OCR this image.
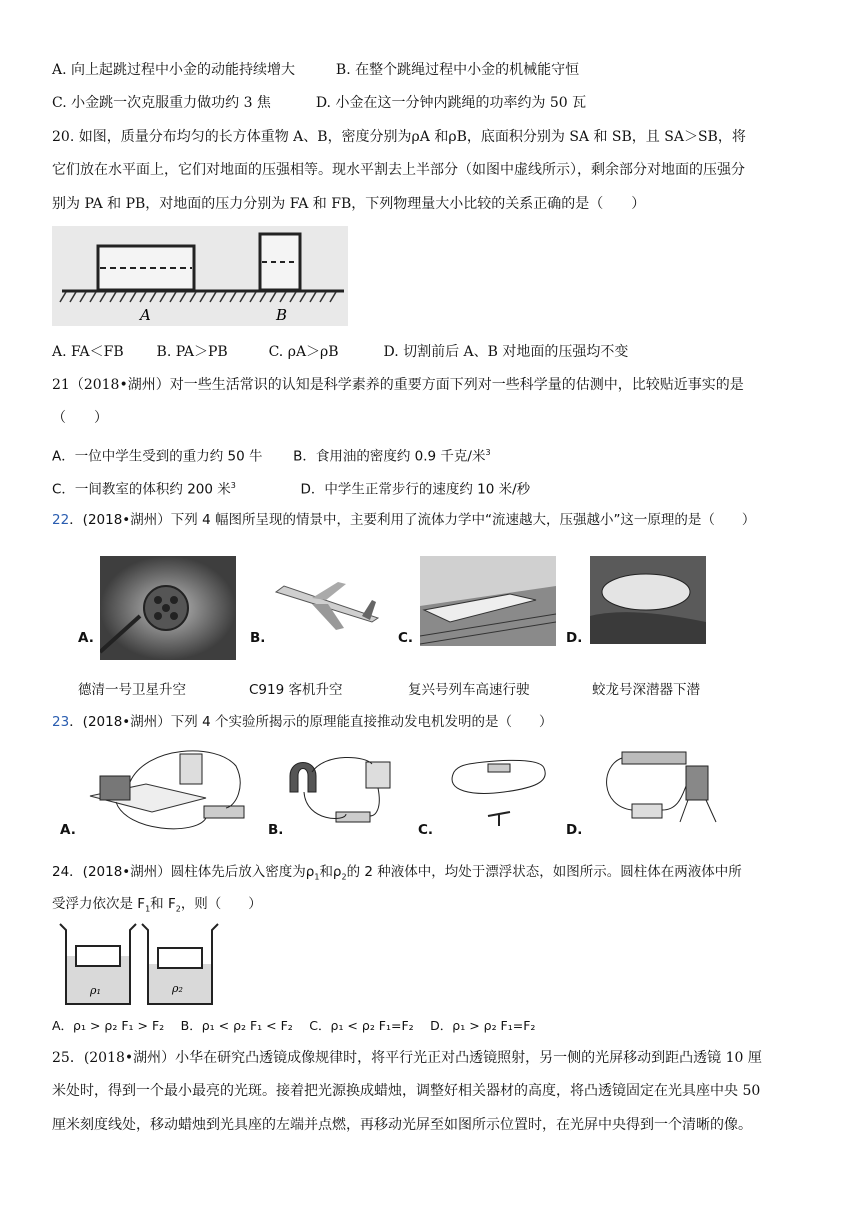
A. 向上起跳过程中小金的动能持续增大	B. 在整个跳绳过程中小金的机械能守恒
C. 小金跳一次克服重力做功约 3 焦	D. 小金在这一分钟内跳绳的功率约为 50 瓦
20. 如图，质量分布均匀的长方体重物 A、B，密度分别为ρA 和ρB，底面积分别为 SA 和 SB，且 SA＞SB，将
它们放在水平面上，它们对地面的压强相等。现水平割去上半部分（如图中虚线所示），剩余部分对地面的压强分
别为 PA 和 PB，对地面的压力分别为 FA 和 FB，下列物理量大小比较的关系正确的是（　　）
A	B
A. FA＜FB B. PA＞PB	C. ρA＞ρB	D. 切割前后 A、B 对地面的压强均不变
21（2018•湖州）对一些生活常识的认知是科学素养的重要方面下列对一些科学量的估测中，比较贴近事实的是
（　　）
A．一位中学生受到的重力约 50 牛 B．食用油的密度约 0.9 千克/米$^3$
C．一间教室的体积约 200 米$^3$	D．中学生正常步行的速度约 10 米/秒
22．(2018•湖州）下列 4 幅图所呈现的情景中，主要利用了流体力学中“流速越大，压强越小”这一原理的是（　　）
A.	B.	C.	D.
德清一号卫星升空	C919 客机升空	复兴号列车高速行驶	蛟龙号深潜器下潜
23．(2018•湖州）下列 4 个实验所揭示的原理能直接推动发电机发明的是（　　）
A.	B.	C.	D.
24．(2018•湖州）圆柱体先后放入密度为$\rho_1$和$\rho_2$的 2 种液体中，均处于漂浮状态，如图所示。圆柱体在两液体中所
受浮力依次是 $F_1$和 $F_2$，则（　　）
ρ₁	ρ₂
A．ρ₁ > ρ₂ F₁ > F₂　 B．ρ₁ < ρ₂ F₁ < F₂　 C．ρ₁ < ρ₂ F₁=F₂　 D．ρ₁ > ρ₂ F₁=F₂
25．(2018•湖州）小华在研究凸透镜成像规律时，将平行光正对凸透镜照射，另一侧的光屏移动到距凸透镜 10 厘
米处时，得到一个最小最亮的光斑。接着把光源换成蜡烛，调整好相关器材的高度，将凸透镜固定在光具座中央 50
厘米刻度线处，移动蜡烛到光具座的左端并点燃，再移动光屏至如图所示位置时，在光屏中央得到一个清晰的像。
